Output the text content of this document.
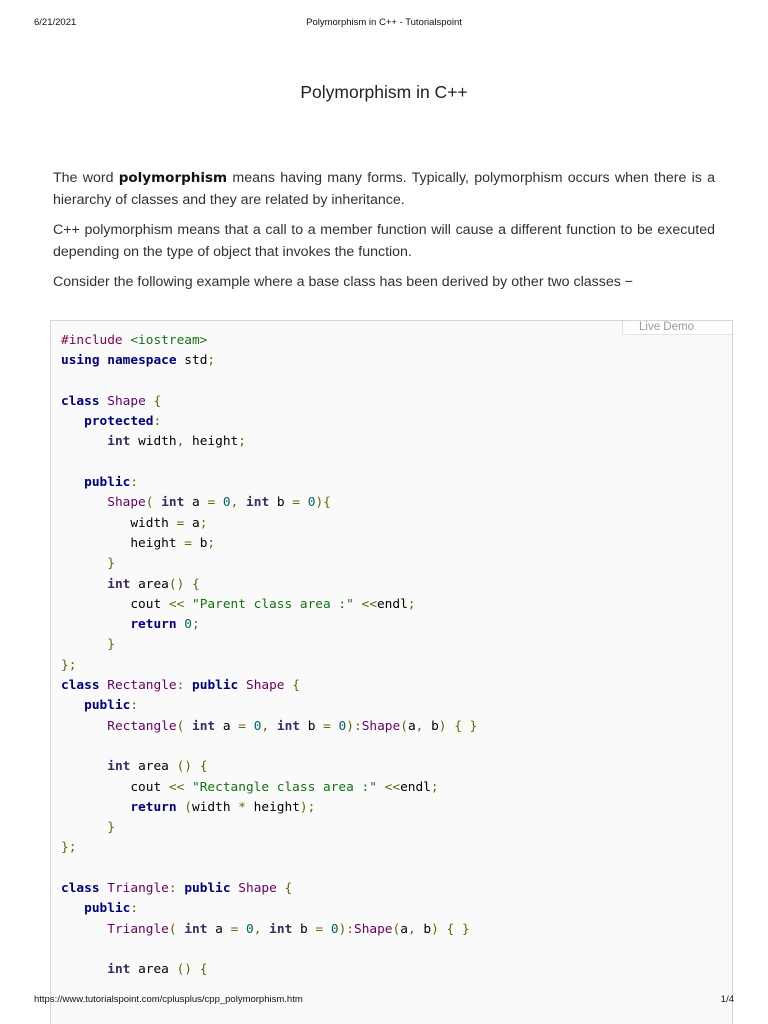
6/21/2021	Polymorphism in C++ - Tutorialspoint
Polymorphism in C++
The word polymorphism means having many forms. Typically, polymorphism occurs when there is a hierarchy of classes and they are related by inheritance.
C++ polymorphism means that a call to a member function will cause a different function to be executed depending on the type of object that invokes the function.
Consider the following example where a base class has been derived by other two classes −
Live Demo
#include <iostream>
using namespace std;
class Shape {
protected:
int width, height;
public:
Shape( int a = 0, int b = 0){
width = a;
height = b;
}
int area() {
cout << "Parent class area :" <<endl;
return 0;
}
};
class Rectangle: public Shape {
public:
Rectangle( int a = 0, int b = 0):Shape(a, b) { }
int area () {
cout << "Rectangle class area :" <<endl;
return (width * height);
}
};
class Triangle: public Shape {
public:
Triangle( int a = 0, int b = 0):Shape(a, b) { }
int area () {
https://www.tutorialspoint.com/cplusplus/cpp_polymorphism.htm	1/4
